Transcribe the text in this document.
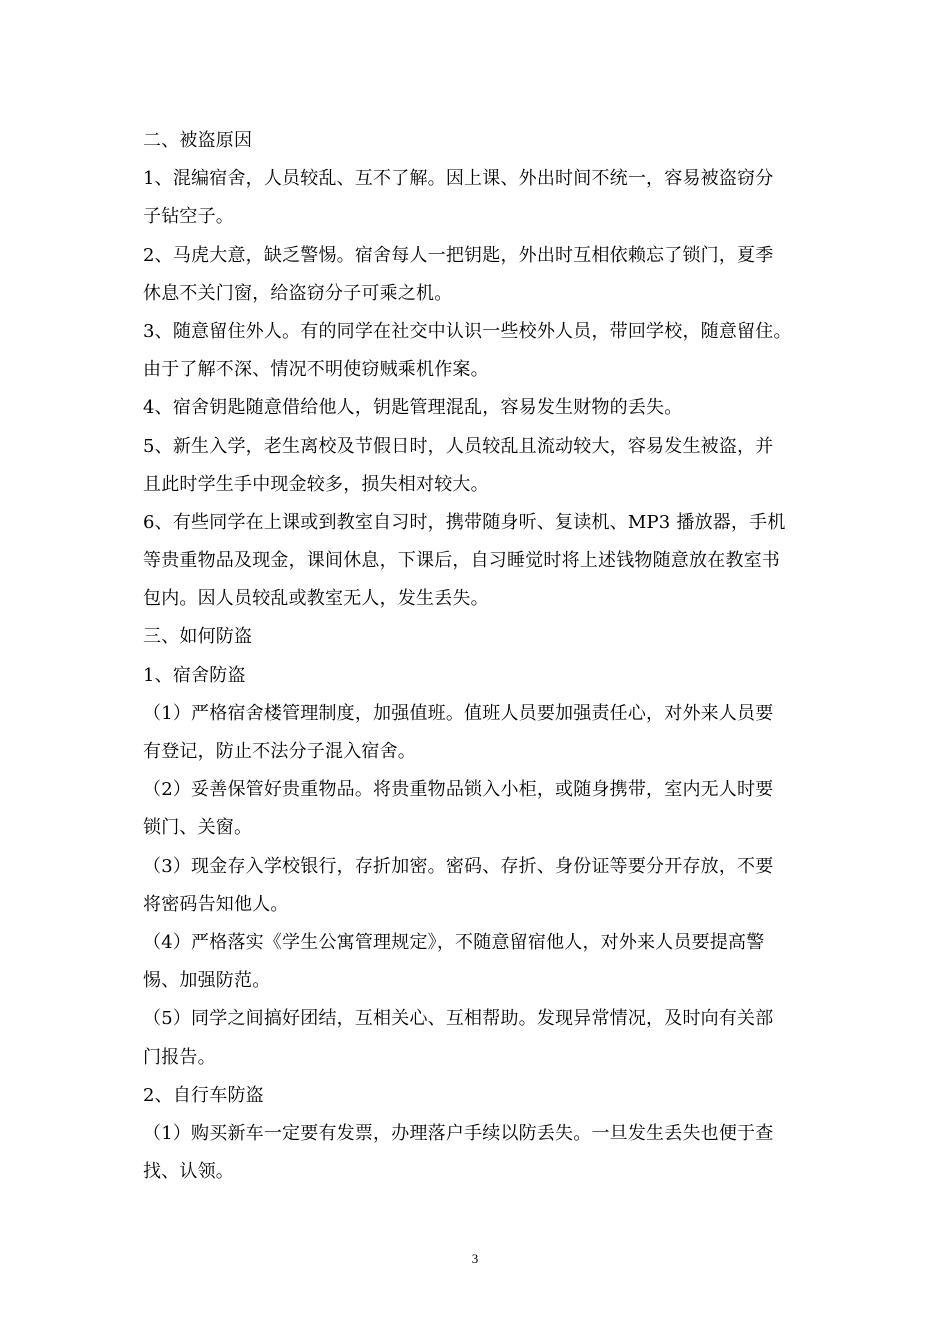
二、被盗原因
1、混编宿舍，人员较乱、互不了解。因上课、外出时间不统一，容易被盗窃分
子钻空子。
2、马虎大意，缺乏警惕。宿舍每人一把钥匙，外出时互相依赖忘了锁门，夏季
休息不关门窗，给盗窃分子可乘之机。
3、随意留住外人。有的同学在社交中认识一些校外人员，带回学校，随意留住。
由于了解不深、情况不明使窃贼乘机作案。
4、宿舍钥匙随意借给他人，钥匙管理混乱，容易发生财物的丢失。
5、新生入学，老生离校及节假日时，人员较乱且流动较大，容易发生被盗，并
且此时学生手中现金较多，损失相对较大。
6、有些同学在上课或到教室自习时，携带随身听、复读机、MP3 播放器，手机
等贵重物品及现金，课间休息，下课后，自习睡觉时将上述钱物随意放在教室书
包内。因人员较乱或教室无人，发生丢失。
三、如何防盗
1、宿舍防盗
（1）严格宿舍楼管理制度，加强值班。值班人员要加强责任心，对外来人员要
有登记，防止不法分子混入宿舍。
（2）妥善保管好贵重物品。将贵重物品锁入小柜，或随身携带，室内无人时要
锁门、关窗。
（3）现金存入学校银行，存折加密。密码、存折、身份证等要分开存放，不要
将密码告知他人。
（4）严格落实《学生公寓管理规定》，不随意留宿他人，对外来人员要提高警
惕、加强防范。
（5）同学之间搞好团结，互相关心、互相帮助。发现异常情况，及时向有关部
门报告。
2、自行车防盗
（1）购买新车一定要有发票，办理落户手续以防丢失。一旦发生丢失也便于查
找、认领。
3
